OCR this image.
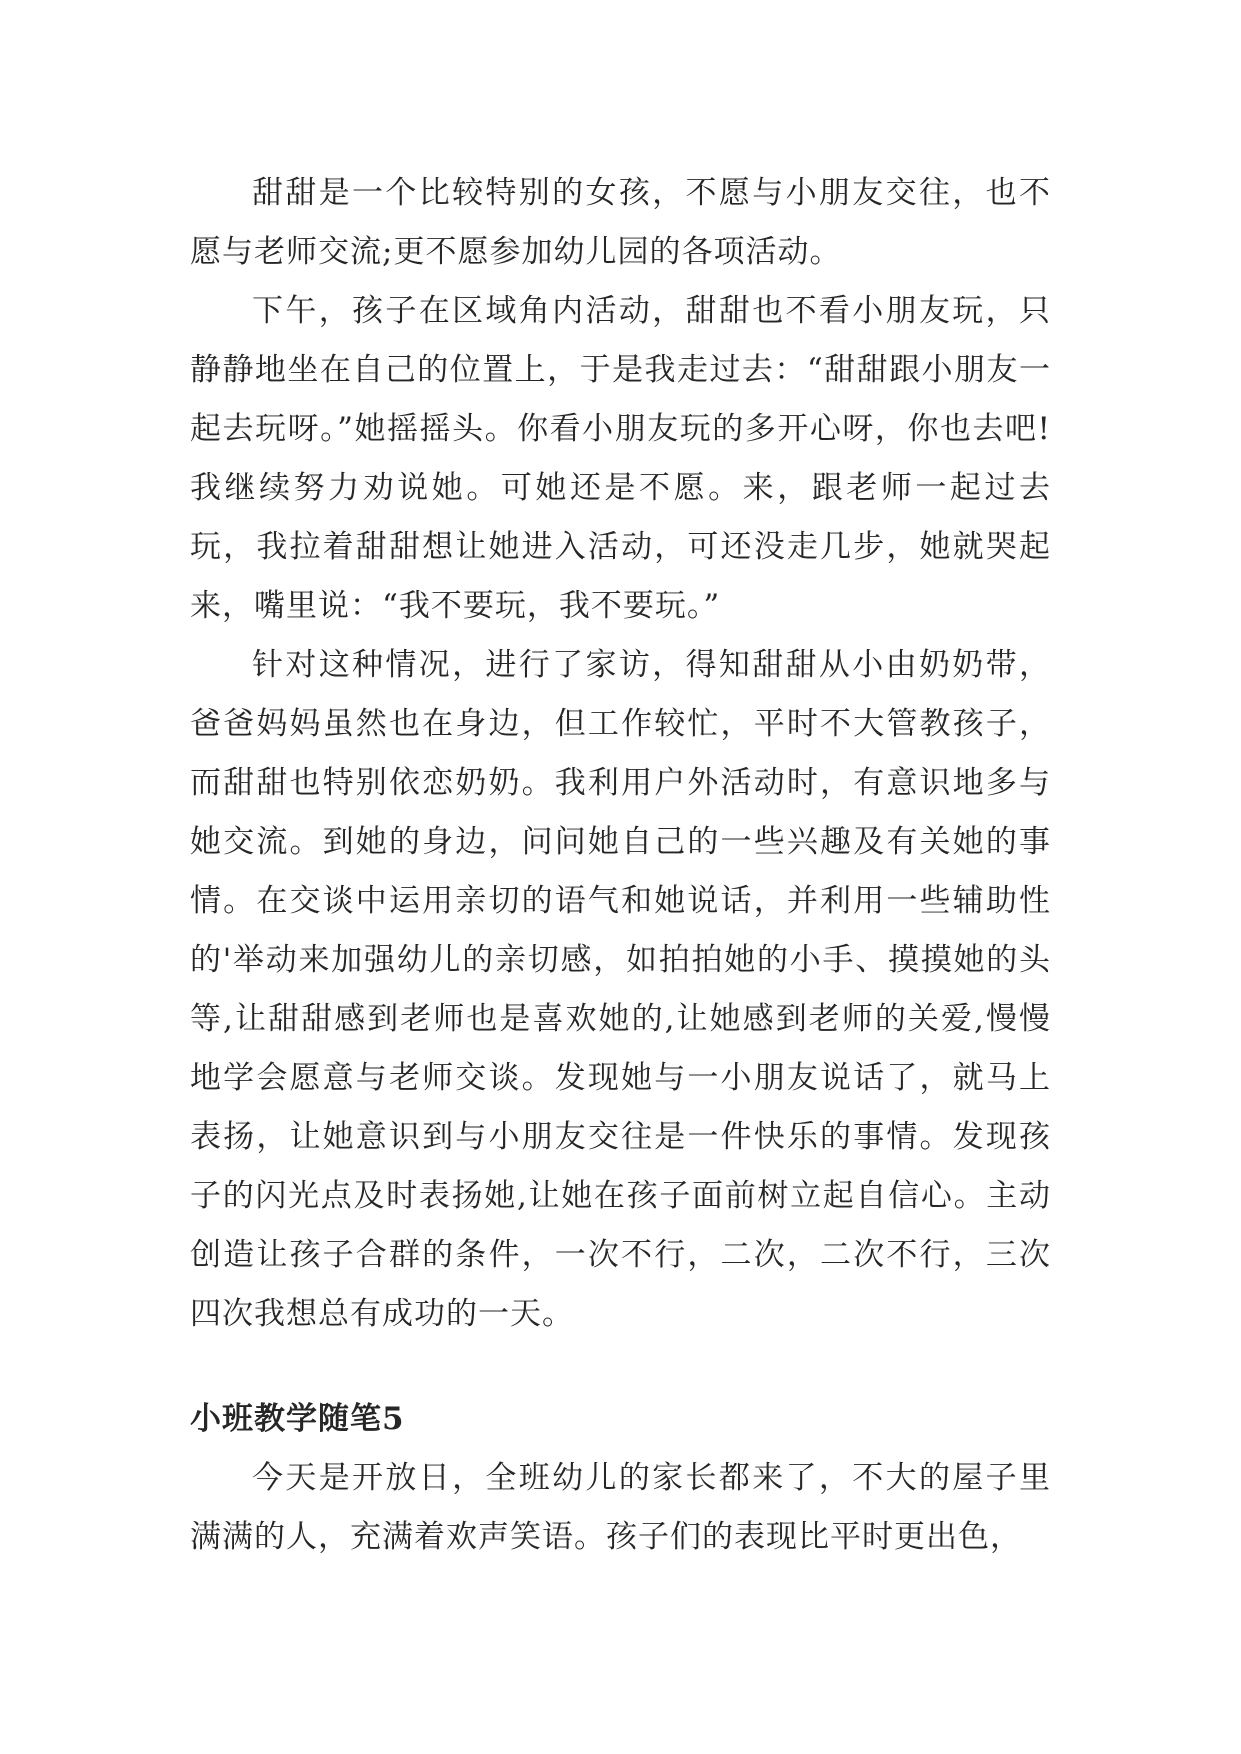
甜甜是一个比较特别的女孩，不愿与小朋友交往，也不愿与老师交流;更不愿参加幼儿园的各项活动。

下午，孩子在区域角内活动，甜甜也不看小朋友玩，只静静地坐在自己的位置上，于是我走过去：“甜甜跟小朋友一起去玩呀。”她摇摇头。你看小朋友玩的多开心呀，你也去吧!我继续努力劝说她。可她还是不愿。来，跟老师一起过去玩，我拉着甜甜想让她进入活动，可还没走几步，她就哭起来，嘴里说：“我不要玩，我不要玩。”

针对这种情况，进行了家访，得知甜甜从小由奶奶带，爸爸妈妈虽然也在身边，但工作较忙，平时不大管教孩子，而甜甜也特别依恋奶奶。我利用户外活动时，有意识地多与她交流。到她的身边，问问她自己的一些兴趣及有关她的事情。在交谈中运用亲切的语气和她说话，并利用一些辅助性的'举动来加强幼儿的亲切感，如拍拍她的小手、摸摸她的头等,让甜甜感到老师也是喜欢她的,让她感到老师的关爱,慢慢地学会愿意与老师交谈。发现她与一小朋友说话了，就马上表扬，让她意识到与小朋友交往是一件快乐的事情。发现孩子的闪光点及时表扬她,让她在孩子面前树立起自信心。主动创造让孩子合群的条件，一次不行，二次，二次不行，三次四次我想总有成功的一天。

小班教学随笔5

今天是开放日，全班幼儿的家长都来了，不大的屋子里满满的人，充满着欢声笑语。孩子们的表现比平时更出色，
